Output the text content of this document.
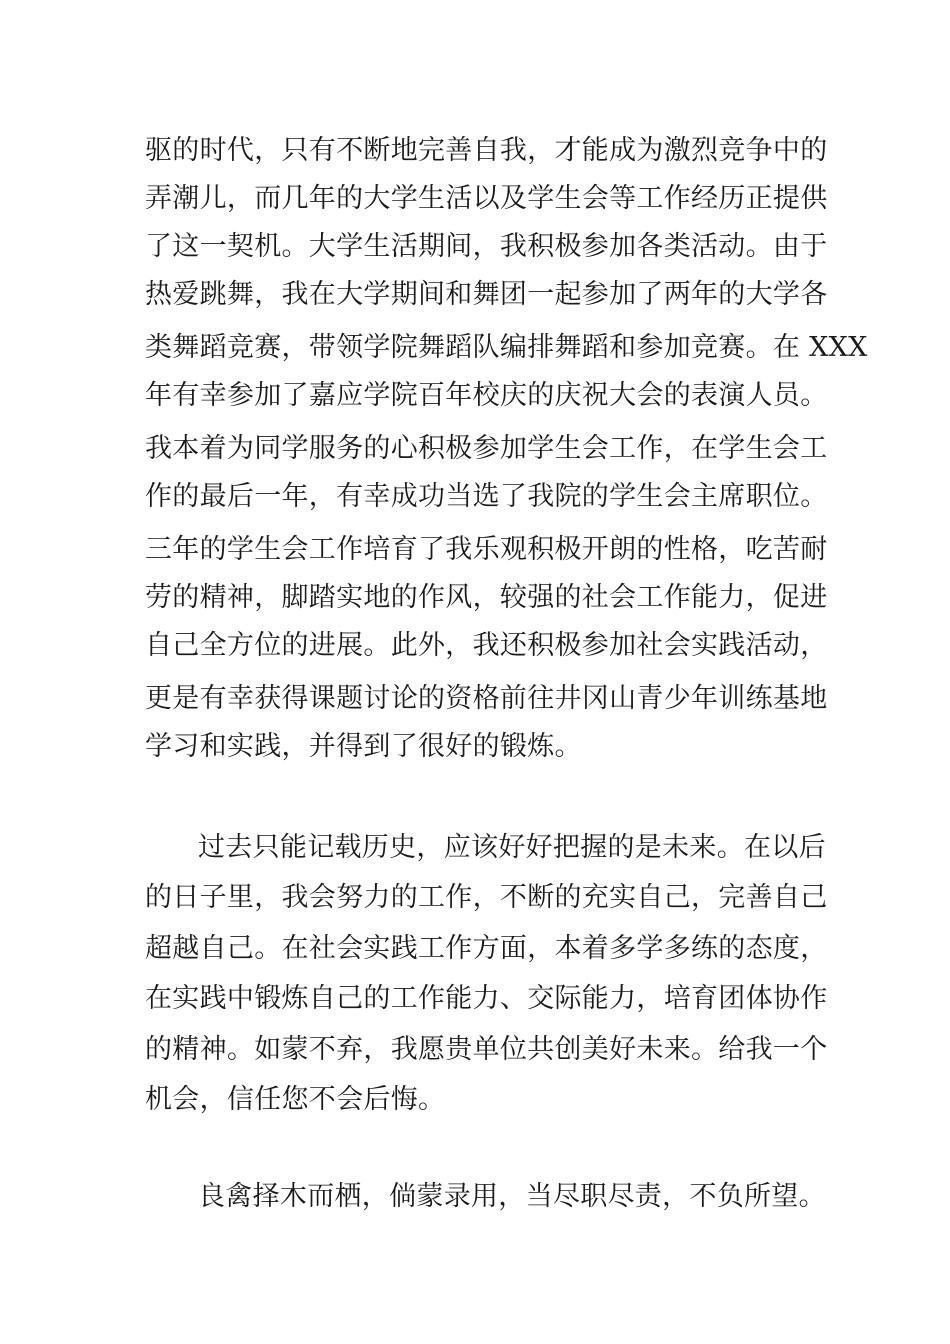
驱的时代，只有不断地完善自我，才能成为激烈竞争中的
弄潮儿，而几年的大学生活以及学生会等工作经历正提供
了这一契机。大学生活期间，我积极参加各类活动。由于
热爱跳舞，我在大学期间和舞团一起参加了两年的大学各
类舞蹈竞赛，带领学院舞蹈队编排舞蹈和参加竞赛。在 XXX
年有幸参加了嘉应学院百年校庆的庆祝大会的表演人员。
我本着为同学服务的心积极参加学生会工作，在学生会工
作的最后一年，有幸成功当选了我院的学生会主席职位。
三年的学生会工作培育了我乐观积极开朗的性格，吃苦耐
劳的精神，脚踏实地的作风，较强的社会工作能力，促进
自己全方位的进展。此外，我还积极参加社会实践活动，
更是有幸获得课题讨论的资格前往井冈山青少年训练基地
学习和实践，并得到了很好的锻炼。
过去只能记载历史，应该好好把握的是未来。在以后
的日子里，我会努力的工作，不断的充实自己，完善自己
超越自己。在社会实践工作方面，本着多学多练的态度，
在实践中锻炼自己的工作能力、交际能力，培育团体协作
的精神。如蒙不弃，我愿贵单位共创美好未来。给我一个
机会，信任您不会后悔。
良禽择木而栖，倘蒙录用，当尽职尽责，不负所望。
